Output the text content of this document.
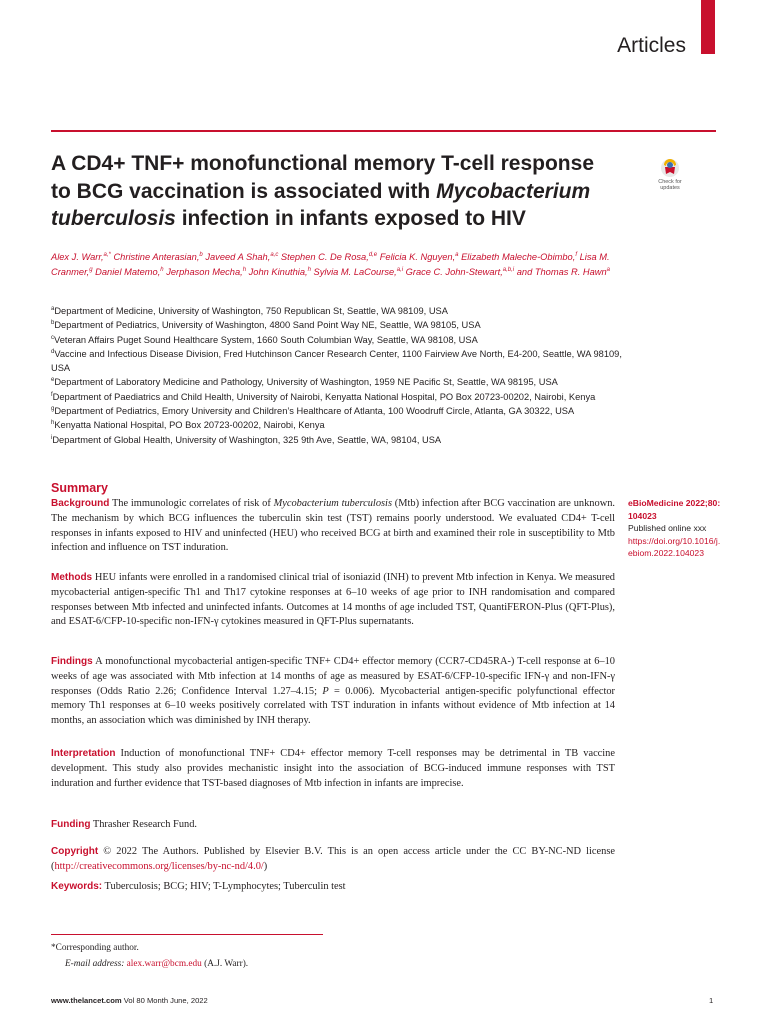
Articles
A CD4+ TNF+ monofunctional memory T-cell response
to BCG vaccination is associated with Mycobacterium
tuberculosis infection in infants exposed to HIV
Check for
updates
Alex J. Warr,$^{a,*}$ Christine Anterasian,$^b$ Javeed A Shah,$^{a,c}$ Stephen C. De Rosa,$^{d,e}$ Felicia K. Nguyen,$^a$ Elizabeth Maleche-Obimbo,$^f$ Lisa M. Cranmer,$^g$ Daniel Matemo,$^h$ Jerphason Mecha,$^h$ John Kinuthia,$^h$ Sylvia M. LaCourse,$^{a,i}$ Grace C. John-Stewart,$^{a,b,i}$ and Thomas R. Hawn$^a$
$^a$Department of Medicine, University of Washington, 750 Republican St, Seattle, WA 98109, USA
$^b$Department of Pediatrics, University of Washington, 4800 Sand Point Way NE, Seattle, WA 98105, USA
$^c$Veteran Affairs Puget Sound Healthcare System, 1660 South Columbian Way, Seattle, WA 98108, USA
$^d$Vaccine and Infectious Disease Division, Fred Hutchinson Cancer Research Center, 1100 Fairview Ave North, E4-200, Seattle, WA 98109, USA
$^e$Department of Laboratory Medicine and Pathology, University of Washington, 1959 NE Pacific St, Seattle, WA 98195, USA
$^f$Department of Paediatrics and Child Health, University of Nairobi, Kenyatta National Hospital, PO Box 20723-00202, Nairobi, Kenya
$^g$Department of Pediatrics, Emory University and Children’s Healthcare of Atlanta, 100 Woodruff Circle, Atlanta, GA 30322, USA
$^h$Kenyatta National Hospital, PO Box 20723-00202, Nairobi, Kenya
$^i$Department of Global Health, University of Washington, 325 9th Ave, Seattle, WA, 98104, USA
Summary

Background The immunologic correlates of risk of Mycobacterium tuberculosis (Mtb) infection after BCG vaccination are unknown. The mechanism by which BCG influences the tuberculin skin test (TST) remains poorly understood. We evaluated CD4+ T-cell responses in infants exposed to HIV and uninfected (HEU) who received BCG at birth and examined their role in susceptibility to Mtb infection and influence on TST induration.

Methods HEU infants were enrolled in a randomised clinical trial of isoniazid (INH) to prevent Mtb infection in Kenya. We measured mycobacterial antigen-specific Th1 and Th17 cytokine responses at 6–10 weeks of age prior to INH randomisation and compared responses between Mtb infected and uninfected infants. Outcomes at 14 months of age included TST, QuantiFERON-Plus (QFT-Plus), and ESAT-6/CFP-10-specific non-IFN-γ cytokines measured in QFT-Plus supernatants.

Findings A monofunctional mycobacterial antigen-specific TNF+ CD4+ effector memory (CCR7-CD45RA-) T-cell response at 6–10 weeks of age was associated with Mtb infection at 14 months of age as measured by ESAT-6/CFP-10-specific IFN-γ and non-IFN-γ responses (Odds Ratio 2.26; Confidence Interval 1.27–4.15; P = 0.006). Mycobacterial antigen-specific polyfunctional effector memory Th1 responses at 6–10 weeks positively correlated with TST induration in infants without evidence of Mtb infection at 14 months, an association which was diminished by INH therapy.

Interpretation Induction of monofunctional TNF+ CD4+ effector memory T-cell responses may be detrimental in TB vaccine development. This study also provides mechanistic insight into the association of BCG-induced immune responses with TST induration and further evidence that TST-based diagnoses of Mtb infection in infants are imprecise.

Funding Thrasher Research Fund.

Copyright © 2022 The Authors. Published by Elsevier B.V. This is an open access article under the CC BY-NC-ND license (http://creativecommons.org/licenses/by-nc-nd/4.0/)

Keywords: Tuberculosis; BCG; HIV; T-Lymphocytes; Tuberculin test

eBioMedicine 2022;80:
104023
Published online xxx
https://doi.org/10.1016/j.
ebiom.2022.104023
*Corresponding author.
E-mail address: alex.warr@bcm.edu (A.J. Warr).
www.thelancet.com Vol 80 Month June, 2022	1
